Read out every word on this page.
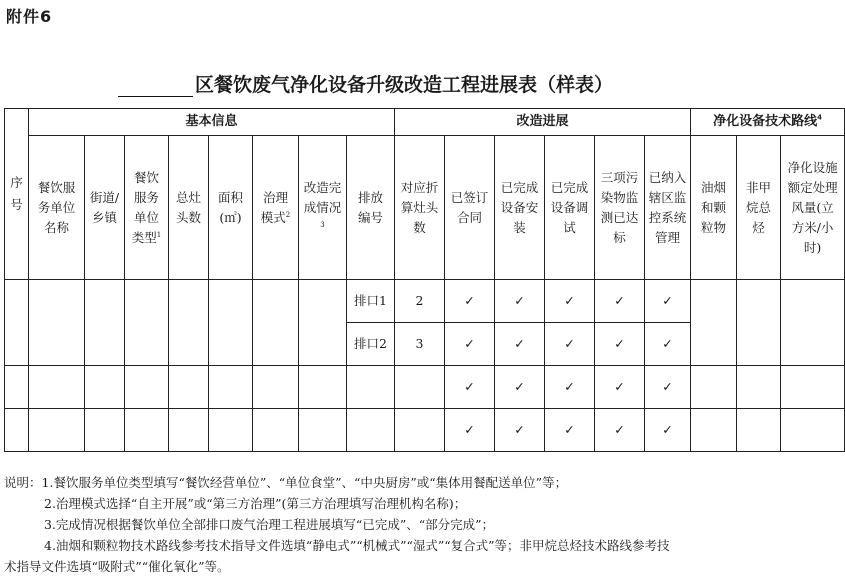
附件6
区餐饮废气净化设备升级改造工程进展表（样表）
序号	基本信息								改造进展						净化设备技术路线$^4$
	餐饮服务单位名称	街道/乡镇	餐饮服务单位类型$^1$	总灶头数	面积(㎡)	治理模式$^2$	改造完成情况$^3$	排放编号	对应折算灶头数	已签订合同	已完成设备安装	已完成设备调试	三项污染物监测已达标	已纳入辖区监控系统管理	油烟和颗粒物	非甲烷总烃	净化设施额定处理风量(立方米/小时)
								排口1	2	✓	✓	✓	✓	✓			
								排口2	3	✓	✓	✓	✓	✓			
										✓	✓	✓	✓	✓			
										✓	✓	✓	✓	✓			
说明：1.餐饮服务单位类型填写“餐饮经营单位”、“单位食堂”、“中央厨房”或“集体用餐配送单位”等；
2.治理模式选择“自主开展”或“第三方治理”(第三方治理填写治理机构名称)；
3.完成情况根据餐饮单位全部排口废气治理工程进展填写“已完成”、“部分完成”；
4.油烟和颗粒物技术路线参考技术指导文件选填“静电式”“机械式”“湿式”“复合式”等；非甲烷总烃技术路线参考技
术指导文件选填“吸附式”“催化氧化”等。
